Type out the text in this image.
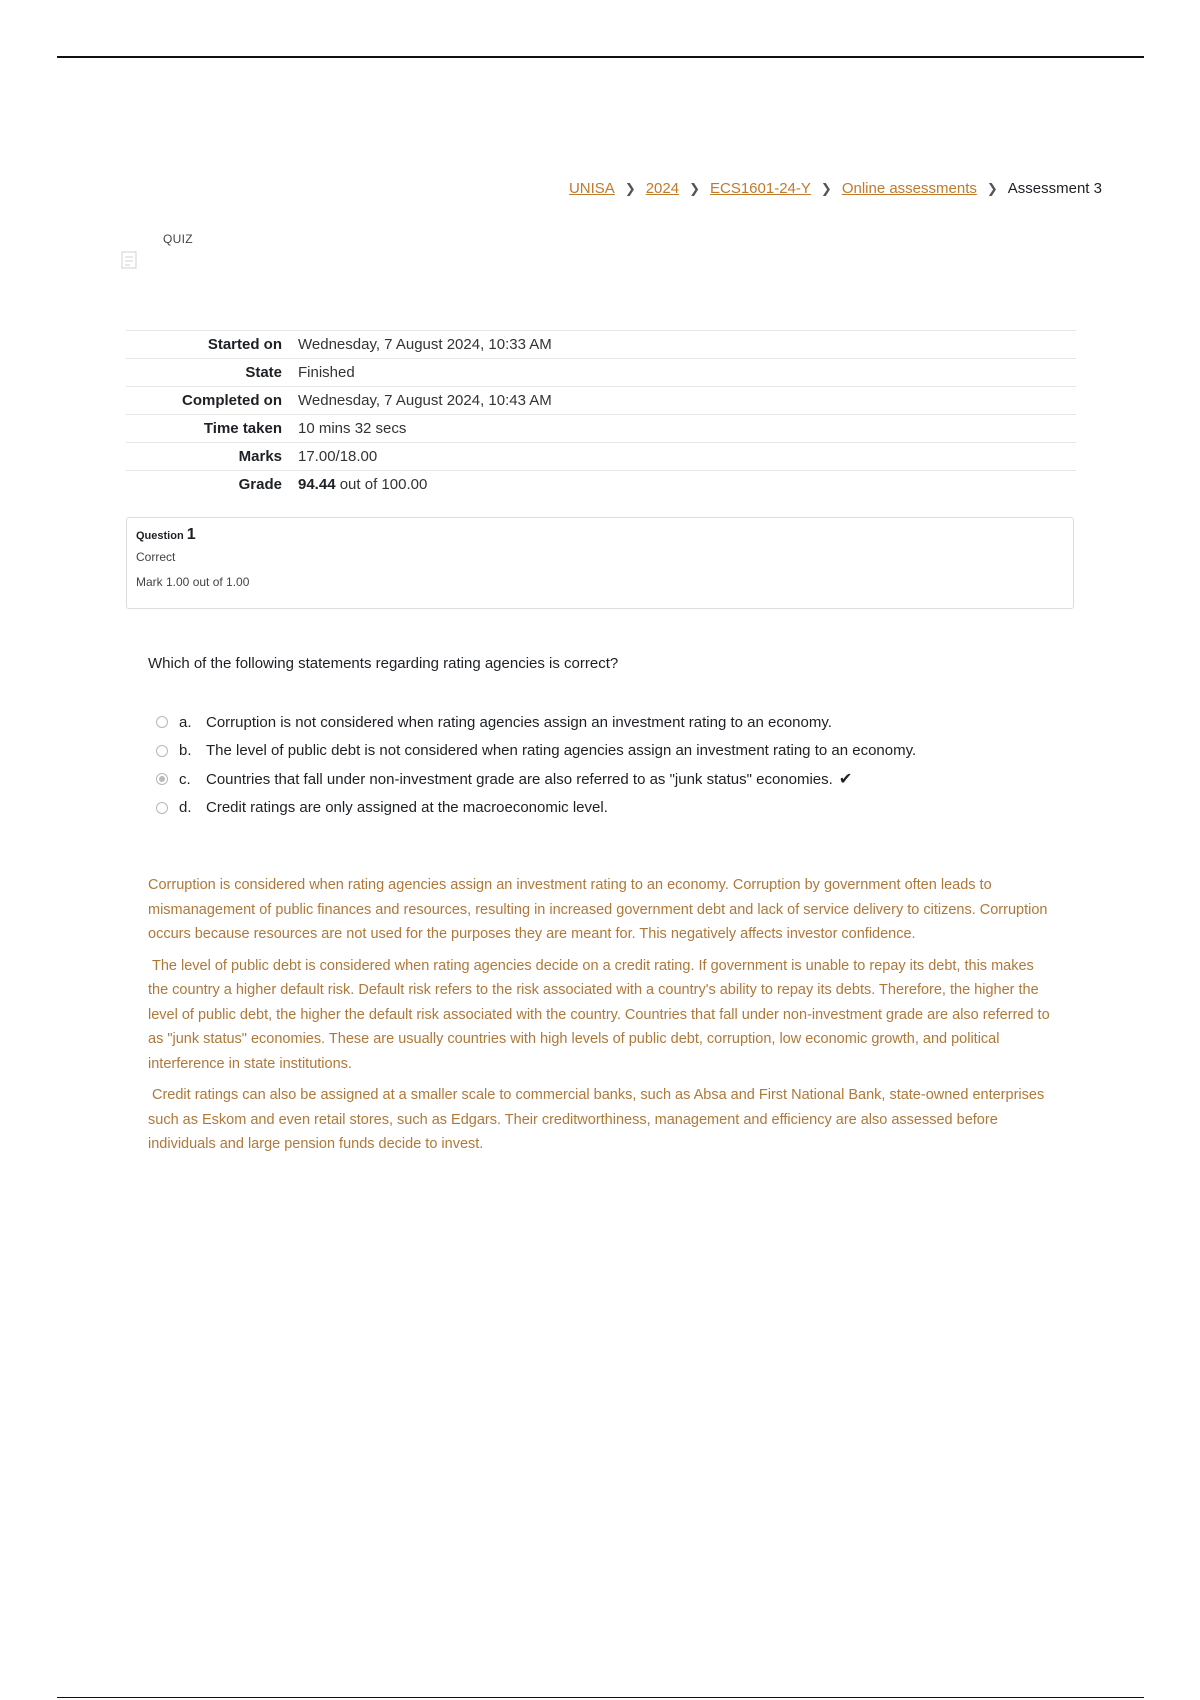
UNISA ❯ 2024 ❯ ECS1601-24-Y ❯ Online assessments ❯ Assessment 3
QUIZ
Started on	Wednesday, 7 August 2024, 10:33 AM
State	Finished
Completed on	Wednesday, 7 August 2024, 10:43 AM
Time taken	10 mins 32 secs
Marks	17.00/18.00
Grade	94.44 out of 100.00
Question 1
Correct
Mark 1.00 out of 1.00
Which of the following statements regarding rating agencies is correct?
a. Corruption is not considered when rating agencies assign an investment rating to an economy.
b. The level of public debt is not considered when rating agencies assign an investment rating to an economy.
c.	Countries that fall under non-investment grade are also referred to as "junk status" economies. ✔
d. Credit ratings are only assigned at the macroeconomic level.

Corruption is considered when rating agencies assign an investment rating to an economy. Corruption by government often leads to mismanagement of public finances and resources, resulting in increased government debt and lack of service delivery to citizens. Corruption occurs because resources are not used for the purposes they are meant for. This negatively affects investor confidence.

The level of public debt is considered when rating agencies decide on a credit rating. If government is unable to repay its debt, this makes the country a higher default risk. Default risk refers to the risk associated with a country's ability to repay its debts. Therefore, the higher the level of public debt, the higher the default risk associated with the country. Countries that fall under non-investment grade are also referred to as "junk status" economies. These are usually countries with high levels of public debt, corruption, low economic growth, and political interference in state institutions.

Credit ratings can also be assigned at a smaller scale to commercial banks, such as Absa and First National Bank, state-owned enterprises such as Eskom and even retail stores, such as Edgars. Their creditworthiness, management and efficiency are also assessed before individuals and large pension funds decide to invest.
